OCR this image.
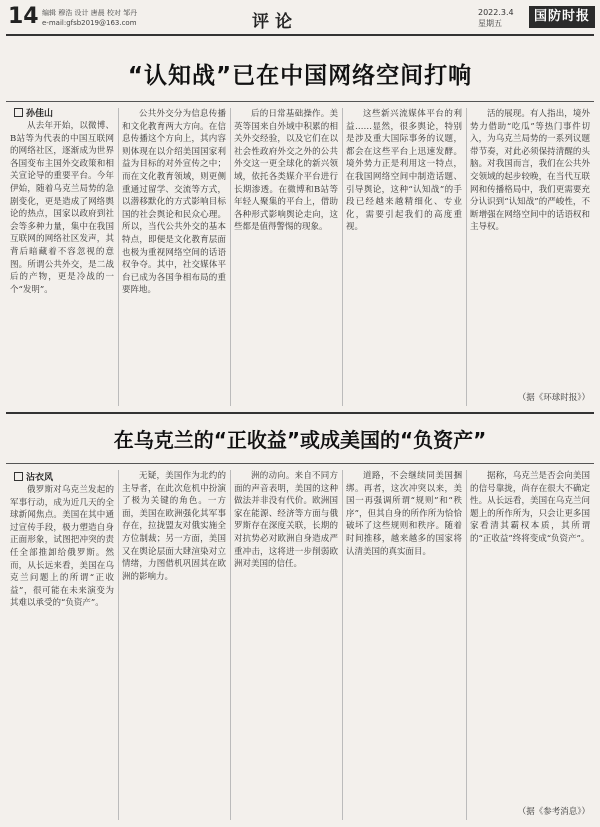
14 编辑 穆浩 设计 唐晨 校对 邹丹
e-mail:gfsb2019@163.com	评论	2022.3.4
星期五	国防时报
“认知战”已在中国网络空间打响
孙佳山

从去年开始，以微博、B站等为代表的中国互联网的网络社区，逐渐成为世界各国变布主国外交政策和相关宣论导的重要平台。今年伊始，随着乌克兰局势的急剧变化，更是造成了网络舆论的热点，国家以政府到社会等多种力量，集中在我国互联网的网络社区发声，其背后暗藏着不容忽视的意图。所谓公共外交，是二战后的产物，更是冷战的一个“发明”。

公共外交分为信息传播和文化教育两大方向。在信息传播这个方向上，其内容则体现在以介绍美国国家利益为目标的对外宣传之中；而在文化教育领域，则更侧重通过留学、交流等方式，以潜移默化的方式影响目标国的社会舆论和民众心理。所以，当代公共外交的基本特点，即便是文化教育层面也极为重视网络空间的话语权争夺。其中，社交媒体平台已成为各国争相布局的重要阵地。

后的日常基础操作。美英等国来自外域中积累的相关外交经验，以及它们在以社会性政府外交之外的公共外交这一更全球化的新兴领域，依托各类媒介平台进行长期渗透。在微博和B站等年轻人聚集的平台上，借助各种形式影响舆论走向，这些都是值得警惕的现象。

这些新兴流媒体平台的利益……显然，很多舆论，特别是涉及重大国际事务的议题，都会在这些平台上迅速发酵。境外势力正是利用这一特点，在我国网络空间中制造话题、引导舆论，这种“认知战”的手段已经越来越精细化、专业化，需要引起我们的高度重视。

活的展现。有人指出，境外势力借助“吃瓜”等热门事件切入，为乌克兰局势的一系列议题带节奏，对此必须保持清醒的头脑。对我国而言，我们在公共外交领域的起步较晚，在当代互联网和传播格局中，我们更需要充分认识到“认知战”的严峻性，不断增强在网络空间中的话语权和主导权。

（据《环球时报》）
在乌克兰的“正收益”或成美国的“负资产”
沾衣风

俄罗斯对乌克兰发起的军事行动，成为近几天的全球新闻焦点。美国在其中通过宣传手段，极力塑造自身正面形象，试图把冲突的责任全部推卸给俄罗斯。然而，从长远来看，美国在乌克兰问题上的所谓“正收益”，很可能在未来演变为其难以承受的“负资产”。

无疑，美国作为北约的主导者，在此次危机中扮演了极为关键的角色。一方面，美国在欧洲强化其军事存在，拉拢盟友对俄实施全方位制裁；另一方面，美国又在舆论层面大肆渲染对立情绪，力图借机巩固其在欧洲的影响力。

洲的动向。来自不同方面的声音表明，美国的这种做法并非没有代价。欧洲国家在能源、经济等方面与俄罗斯存在深度关联，长期的对抗势必对欧洲自身造成严重冲击，这将进一步削弱欧洲对美国的信任。

道路，不会继续同美国捆绑。再者，这次冲突以来，美国一再强调所谓“规则”和“秩序”，但其自身的所作所为恰恰破坏了这些规则和秩序。随着时间推移，越来越多的国家将认清美国的真实面目。

据称，乌克兰是否会向美国的信号靠拢，尚存在很大不确定性。从长远看，美国在乌克兰问题上的所作所为，只会让更多国家看清其霸权本质，其所谓的“正收益”终将变成“负资产”。

（据《参考消息》）
